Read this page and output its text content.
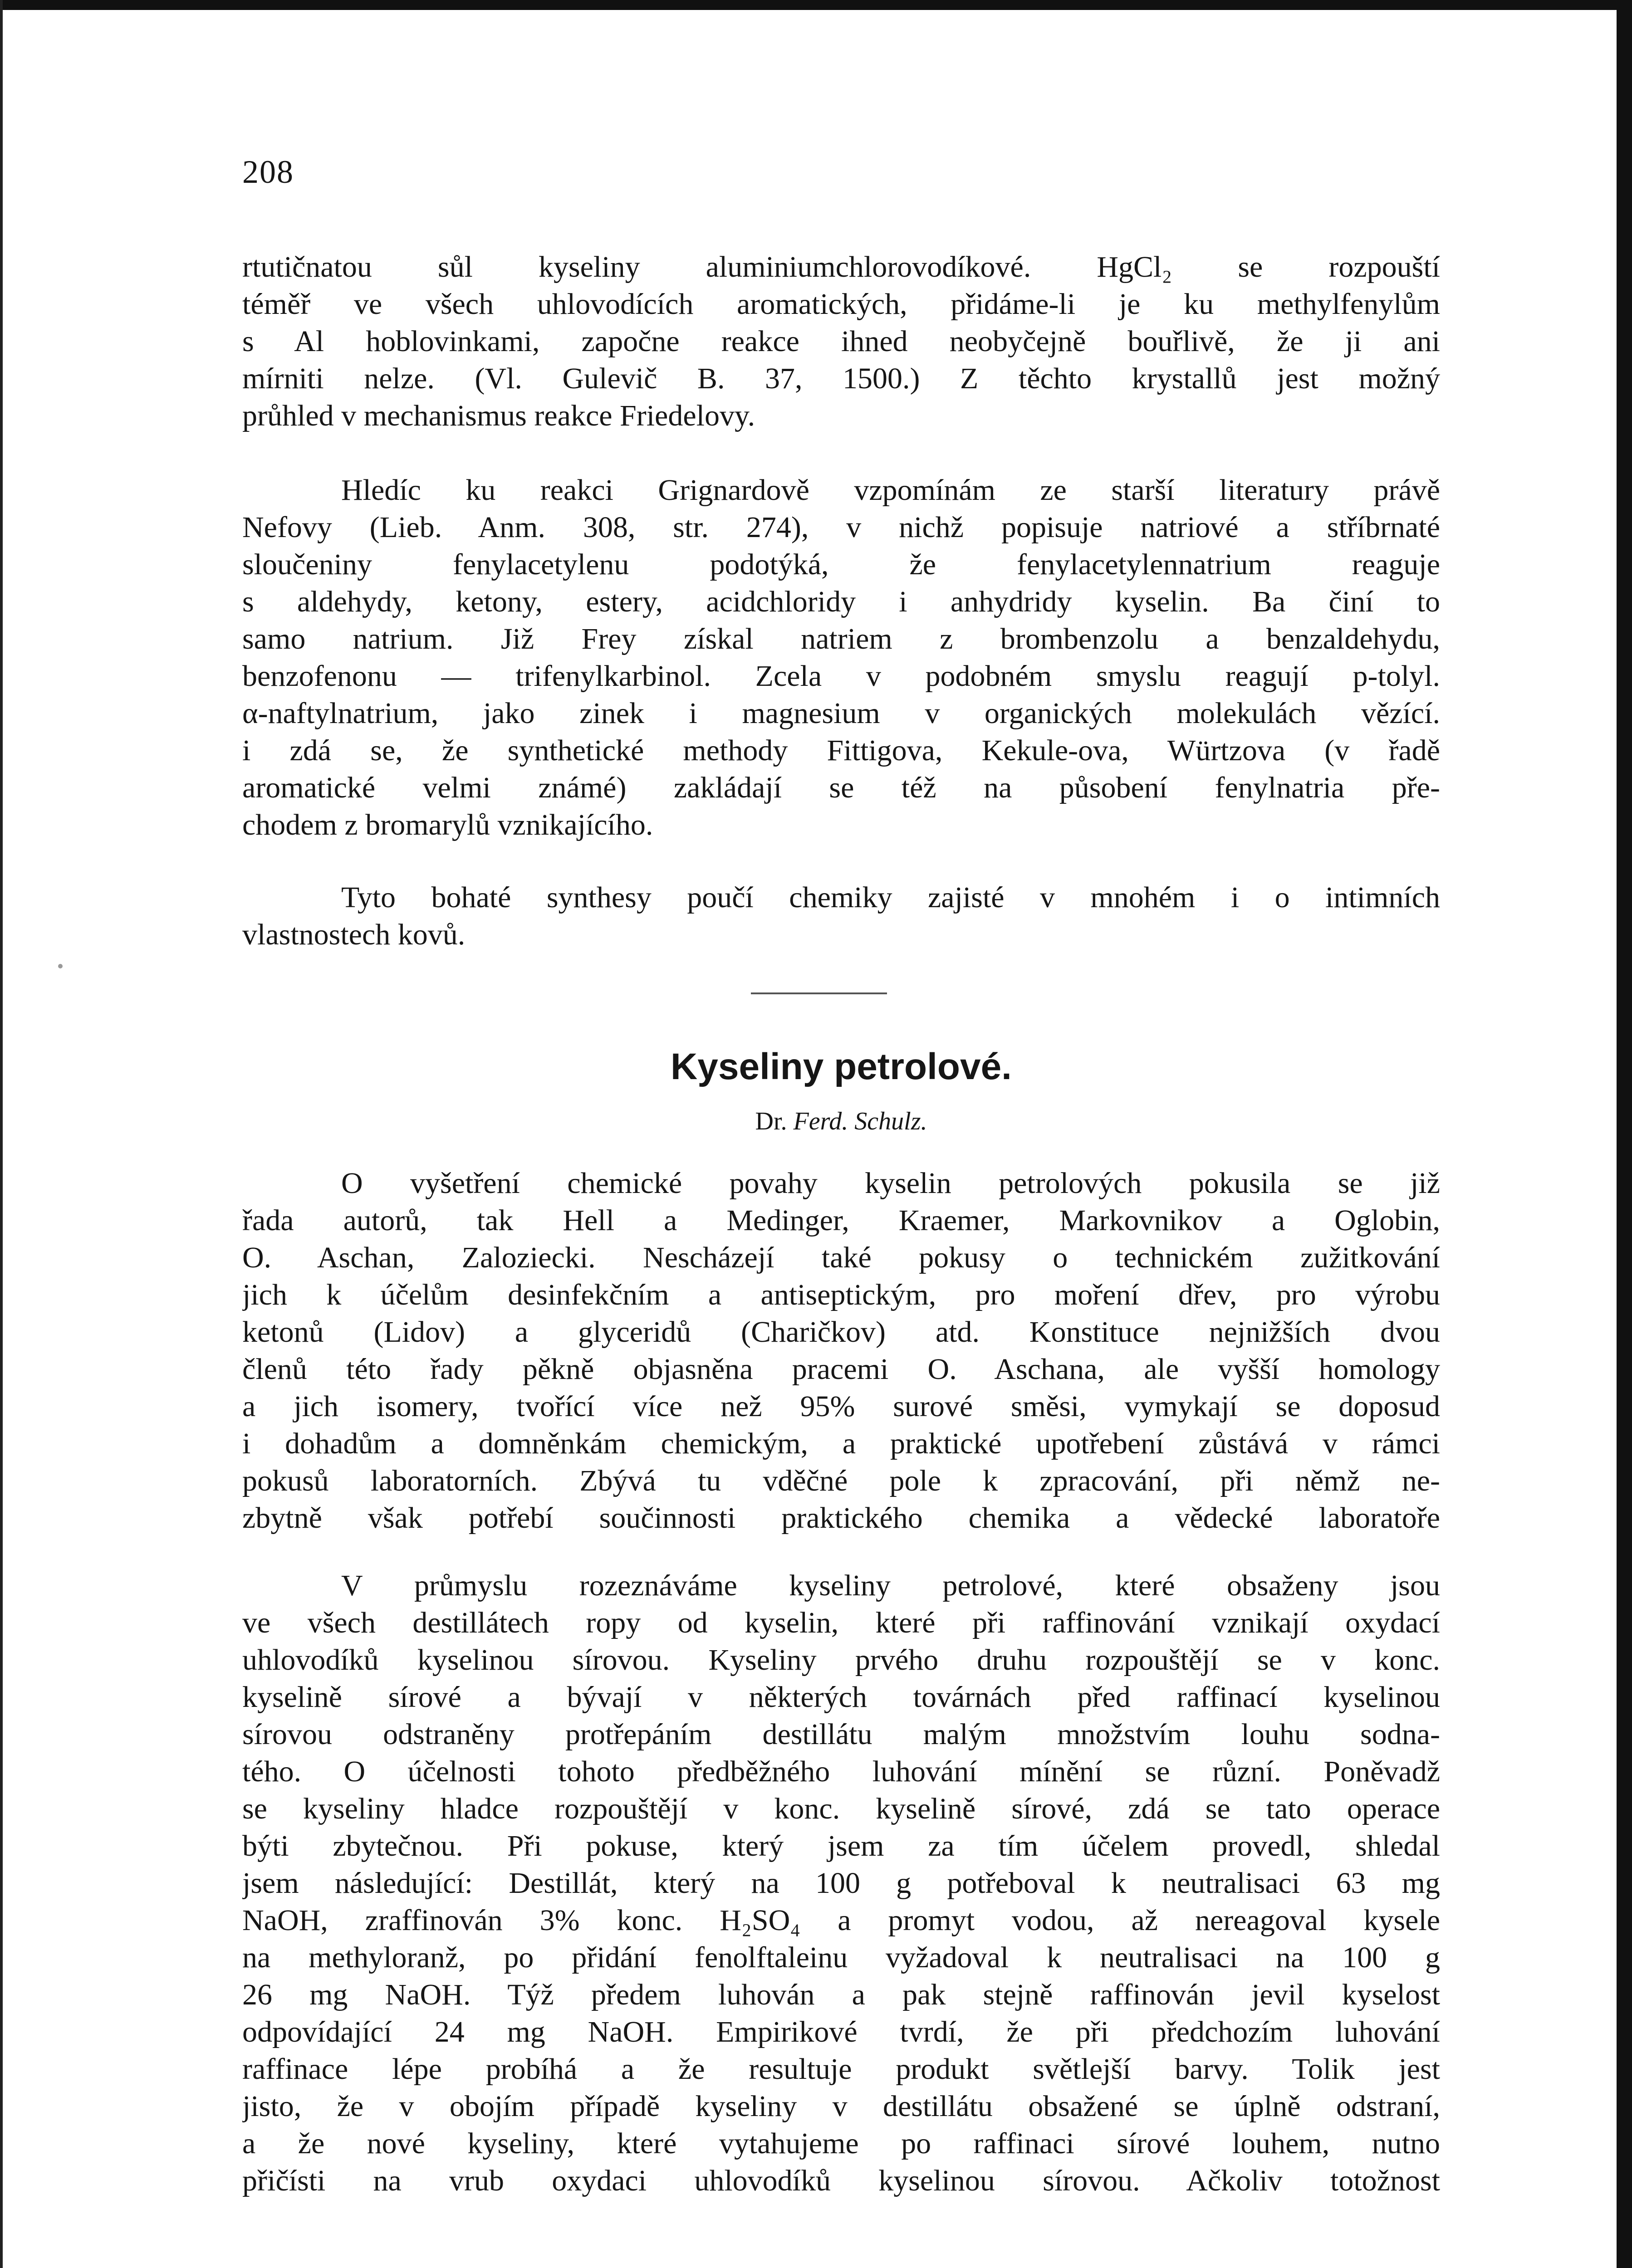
208
rtutičnatou sůl kyseliny aluminiumchlorovodíkové. HgCl₂ se rozpouští
téměř ve všech uhlovodících aromatických, přidáme-li je ku methylfenylům
s Al hoblovinkami, započne reakce ihned neobyčejně bouřlivě, že ji ani
mírniti nelze. (Vl. Gulevič B. 37, 1500.) Z těchto krystallů jest možný
průhled v mechanismus reakce Friedelovy.
Hledíc ku reakci Grignardově vzpomínám ze starší literatury právě
Nefovy (Lieb. Anm. 308, str. 274), v nichž popisuje natriové a stříbrnaté
sloučeniny fenylacetylenu podotýká, že fenylacetylennatrium reaguje
s aldehydy, ketony, estery, acidchloridy i anhydridy kyselin. Ba činí to
samo natrium. Již Frey získal natriem z brombenzolu a benzaldehydu,
benzofenonu — trifenylkarbinol. Zcela v podobném smyslu reagují p-tolyl.
α-naftylnatrium, jako zinek i magnesium v organických molekulách vězící.
i zdá se, že synthetické methody Fittigova, Kekule-ova, Würtzova (v řadě
aromatické velmi známé) zakládají se též na působení fenylnatria pře-
chodem z bromarylů vznikajícího.
Tyto bohaté synthesy poučí chemiky zajisté v mnohém i o intimních
vlastnostech kovů.
Kyseliny petrolové.
Dr. Ferd. Schulz.
O vyšetření chemické povahy kyselin petrolových pokusila se již
řada autorů, tak Hell a Medinger, Kraemer, Markovnikov a Oglobin,
O. Aschan, Zaloziecki. Nescházejí také pokusy o technickém zužitkování
jich k účelům desinfekčním a antiseptickým, pro moření dřev, pro výrobu
ketonů (Lidov) a glyceridů (Charičkov) atd. Konstituce nejnižších dvou
členů této řady pěkně objasněna pracemi O. Aschana, ale vyšší homology
a jich isomery, tvořící více než 95% surové směsi, vymykají se doposud
i dohadům a domněnkám chemickým, a praktické upotřebení zůstává v rámci
pokusů laboratorních. Zbývá tu vděčné pole k zpracování, při němž ne-
zbytně však potřebí součinnosti praktického chemika a vědecké laboratoře
V průmyslu rozeznáváme kyseliny petrolové, které obsaženy jsou
ve všech destillátech ropy od kyselin, které při raffinování vznikají oxydací
uhlovodíků kyselinou sírovou. Kyseliny prvého druhu rozpouštějí se v konc.
kyselině sírové a bývají v některých továrnách před raffinací kyselinou
sírovou odstraněny protřepáním destillátu malým množstvím louhu sodna-
tého. O účelnosti tohoto předběžného luhování mínění se různí. Poněvadž
se kyseliny hladce rozpouštějí v konc. kyselině sírové, zdá se tato operace
býti zbytečnou. Při pokuse, který jsem za tím účelem provedl, shledal
jsem následující: Destillát, který na 100 g potřeboval k neutralisaci 63 mg
NaOH, zraffinován 3% konc. H₂SO₄ a promyt vodou, až nereagoval kysele
na methyloranž, po přidání fenolftaleinu vyžadoval k neutralisaci na 100 g
26 mg NaOH. Týž předem luhován a pak stejně raffinován jevil kyselost
odpovídající 24 mg NaOH. Empirikové tvrdí, že při předchozím luhování
raffinace lépe probíhá a že resultuje produkt světlejší barvy. Tolik jest
jisto, že v obojím případě kyseliny v destillátu obsažené se úplně odstraní,
a že nové kyseliny, které vytahujeme po raffinaci sírové louhem, nutno
přičísti na vrub oxydaci uhlovodíků kyselinou sírovou. Ačkoliv totožnost
